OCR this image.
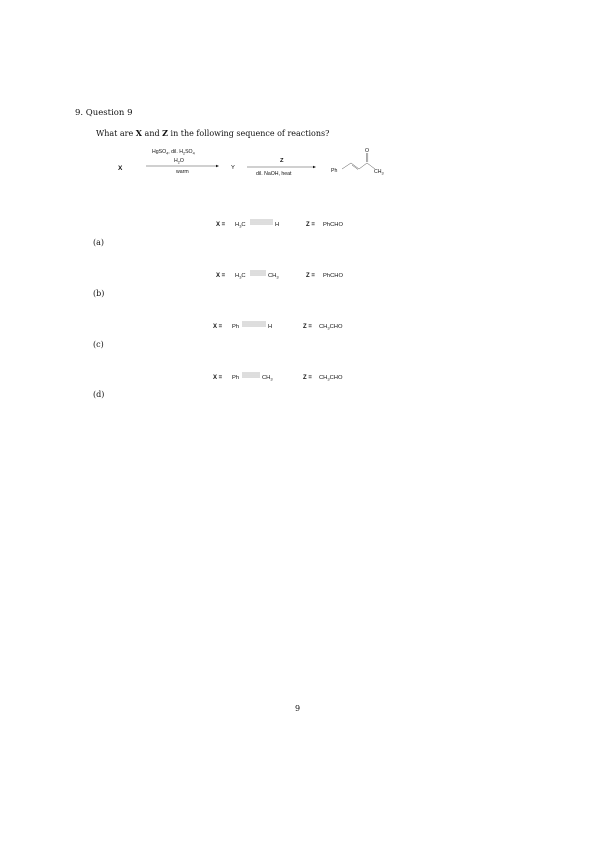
9. Question 9
What are X and Z in the following sequence of reactions?
X
HgSO$_4$, dil. $H_2SO_4$
$H_2O$
warm
Y
Z
dil. NaOH, heat	Ph
O
$CH_3$
(a)
$X = H_3C$	H	Z = PhCHO
(b)
$X = H_3C$	$CH_3$	Z = PhCHO
(c)
X = Ph	H	$Z = CH_3CHO$
(d)
X = Ph	$CH_3$	$Z = CH_3CHO$
9
